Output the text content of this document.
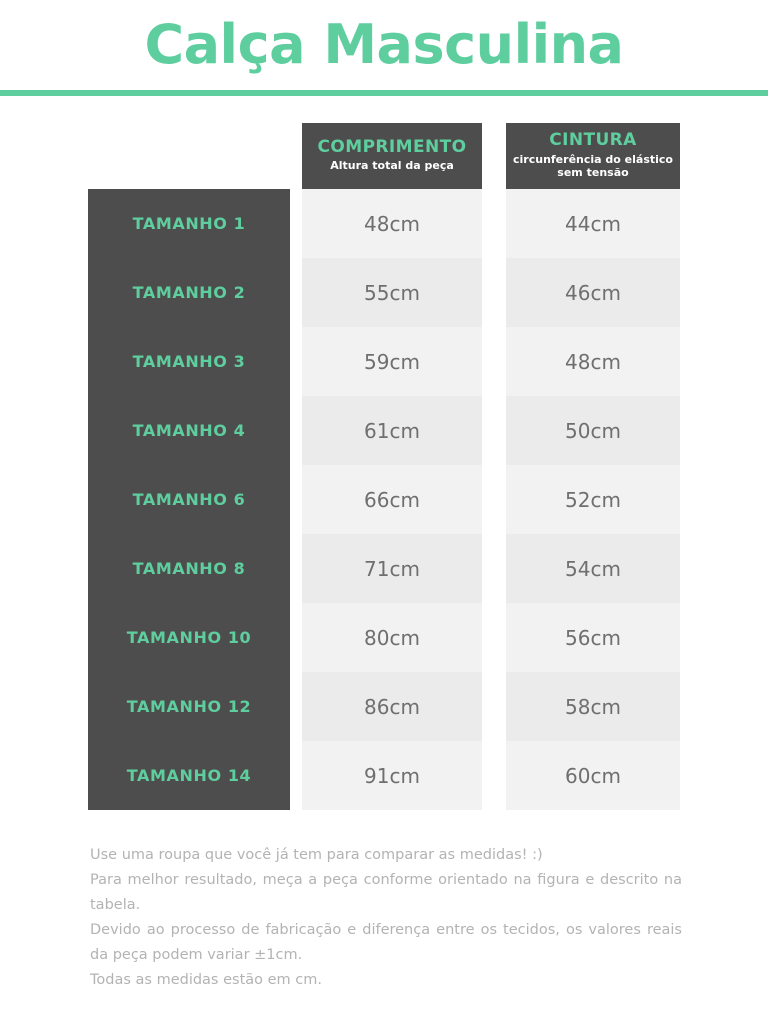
Calça Masculina
COMPRIMENTO
Altura total da peça
CINTURA
circunferência do elástico sem tensão
TAMANHO 1
TAMANHO 2
TAMANHO 3
TAMANHO 4
TAMANHO 6
TAMANHO 8
TAMANHO 10
TAMANHO 12
TAMANHO 14
48cm
55cm
59cm
61cm
66cm
71cm
80cm
86cm
91cm
44cm
46cm
48cm
50cm
52cm
54cm
56cm
58cm
60cm

Use uma roupa que você já tem para comparar as medidas! :)

Para melhor resultado, meça a peça conforme orientado na figura e descrito na tabela.

Devido ao processo de fabricação e diferença entre os tecidos, os valores reais da peça podem variar ±1cm.

Todas as medidas estão em cm.
